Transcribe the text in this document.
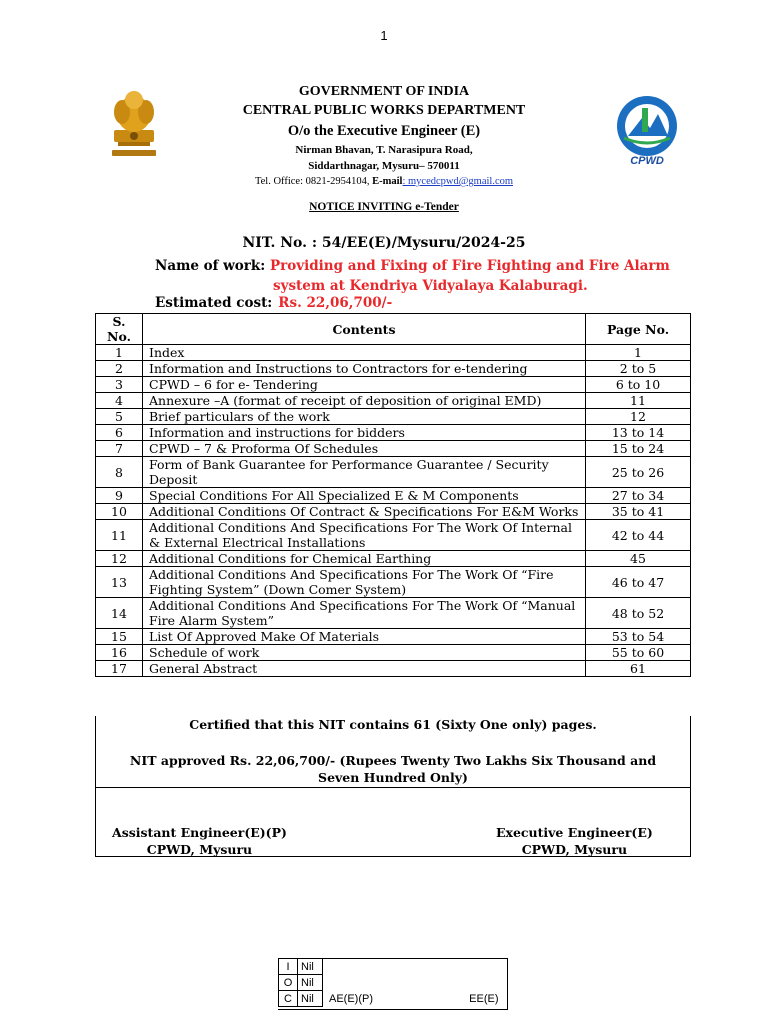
1
CPWD
GOVERNMENT OF INDIA
CENTRAL PUBLIC WORKS DEPARTMENT
O/o the Executive Engineer (E)
Nirman Bhavan, T. Narasipura Road,
Siddarthnagar, Mysuru– 570011
Tel. Office: 0821-2954104, E-mail: mycedcpwd@gmail.com
NOTICE INVITING e-Tender
NIT. No. : 54/EE(E)/Mysuru/2024-25
Name of work: Providing and Fixing of Fire Fighting and Fire Alarm
system at Kendriya Vidyalaya Kalaburagi.
Estimated cost: Rs. 22,06,700/-
S. No.	Contents	Page No.
1	Index	1
2	Information and Instructions to Contractors for e-tendering	2 to 5
3	CPWD – 6 for e- Tendering	6 to 10
4	Annexure –A (format of receipt of deposition of original EMD)	11
5	Brief particulars of the work	12
6	Information and instructions for bidders	13 to 14
7	CPWD – 7 & Proforma Of Schedules	15 to 24
8	Form of Bank Guarantee for Performance Guarantee / Security Deposit	25 to 26
9	Special Conditions For All Specialized E & M Components	27 to 34
10	Additional Conditions Of Contract & Specifications For E&M Works	35 to 41
11	Additional Conditions And Specifications For The Work Of Internal & External Electrical Installations	42 to 44
12	Additional Conditions for Chemical Earthing	45
13	Additional Conditions And Specifications For The Work Of “Fire Fighting System” (Down Comer System)	46 to 47
14	Additional Conditions And Specifications For The Work Of “Manual Fire Alarm System”	48 to 52
15	List Of Approved Make Of Materials	53 to 54
16	Schedule of work	55 to 60
17	General Abstract	61
Certified that this NIT contains 61 (Sixty One only) pages.
NIT approved Rs. 22,06,700/- (Rupees Twenty Two Lakhs Six Thousand and
Seven Hundred Only)
Assistant Engineer(E)(P)
CPWD, Mysuru
Executive Engineer(E)
CPWD, Mysuru
I	Nil		
O	Nil		
C	Nil	AE(E)(P)	EE(E)
